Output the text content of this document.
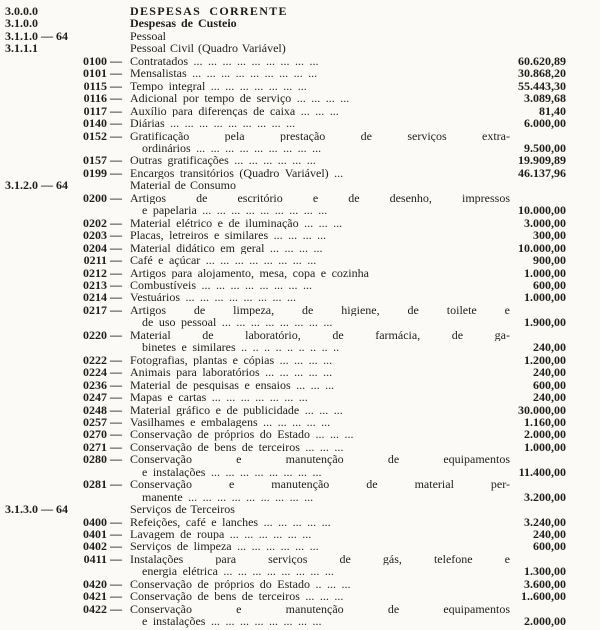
3.0.0.0	DESPESAS CORRENTE
3.1.0.0	Despesas de Custeio
3.1.1.0 — 64	Pessoal
3.1.1.1	Pessoal Civil (Quadro Variável)
0100 — Contratados ... ... ... ... ... ... ... ... ...	60.620,89
0101 — Mensalistas ... ... ... ... ... ... ... ... ...	30.868,20
0115 — Tempo integral ... ... ... ... ... ... ...	55.443,30
0116 — Adicional por tempo de serviço ... ... ... ...	3.089,68
0117 — Auxílio para diferenças de caixa ... ... ...	81,40
0140 — Diárias ... ... ... ... ... ... ... ... ...	6.000,00
0152 — Gratificação pela prestação de serviços extra-
ordinários ... ... ... ... ... ... ... ... ...	9.500,00
0157 — Outras gratificações ... ... ... ... ... ...	19.909,89
0199 — Encargos transitórios (Quadro Variável) ...	46.137,96
3.1.2.0 — 64	Material de Consumo
0200 — Artigos de escritório e de desenho, impressos
e papelaria ... ... ... ... ... ... ... ... ...	10.000,00
0202 — Material elétrico e de iluminação ... ... ...	3.000,00
0203 — Placas, letreiros e similares ... ... ... ...	300,00
0204 — Material didático em geral ... ... ... ...	10.000,00
0211 — Café e açúcar ... ... ... ... ... ... ... ...	900,00
0212 — Artigos para alojamento, mesa, copa e cozinha	1.000,00
0213 — Combustíveis ... ... ... ... ... ... ... ...	600,00
0214 — Vestuários ... ... ... ... ... ... ... ...	1.000,00
0217 — Artigos de limpeza, de higiene, de toilete e
de uso pessoal ... ... ... ... ... ... ... ...	1.900,00
0220 — Material de laboratório, de farmácia, de ga-
binetes e similares .. .. .. .. .. .. .. .. ..	240,00
0222 — Fotografias, plantas e cópias ... ... ... ...	1.200,00
0224 — Animais para laboratórios ... ... ... ... ...	240,00
0236 — Material de pesquisas e ensaios ... ... ...	600,00
0247 — Mapas e cartas ... ... ... ... ... ... ...	240,00
0248 — Material gráfico e de publicidade ... ... ...	30.000,00
0257 — Vasilhames e embalagens ... ... ... ... ...	1.160,00
0270 — Conservação de próprios do Estado ... ... ...	2.000,00
0271 — Conservação de bens de terceiros ... ... ...	1.000,00
0280 — Conservação e manutenção de equipamentos
e instalações ... ... ... ... ... ... ... ...	11.400,00
0281 — Conservação e manutenção de material per-
manente ... ... ... ... ... ... ... ... ...	3.200,00
3.1.3.0 — 64	Serviços de Terceiros
0400 — Refeições, café e lanches ... ... ... ... ...	3.240,00
0401 — Lavagem de roupa ... ... ... ... ... ...	240,00
0402 — Serviços de limpeza ... ... ... ... ... ...	600,00
0411 — Instalações para serviços de gás, telefone e
energia elétrica ... ... ... ... ... ... ... ...	1.300,00
0420 — Conservação de próprios do Estado .. ... ...	3.600,00
0421 — Conservação de bens de terceiros ... ... ...	1..600,00
0422 — Conservação e manutenção de equipamentos
e instalações ... ... ... ... ... ... ... ...	2.000,00
